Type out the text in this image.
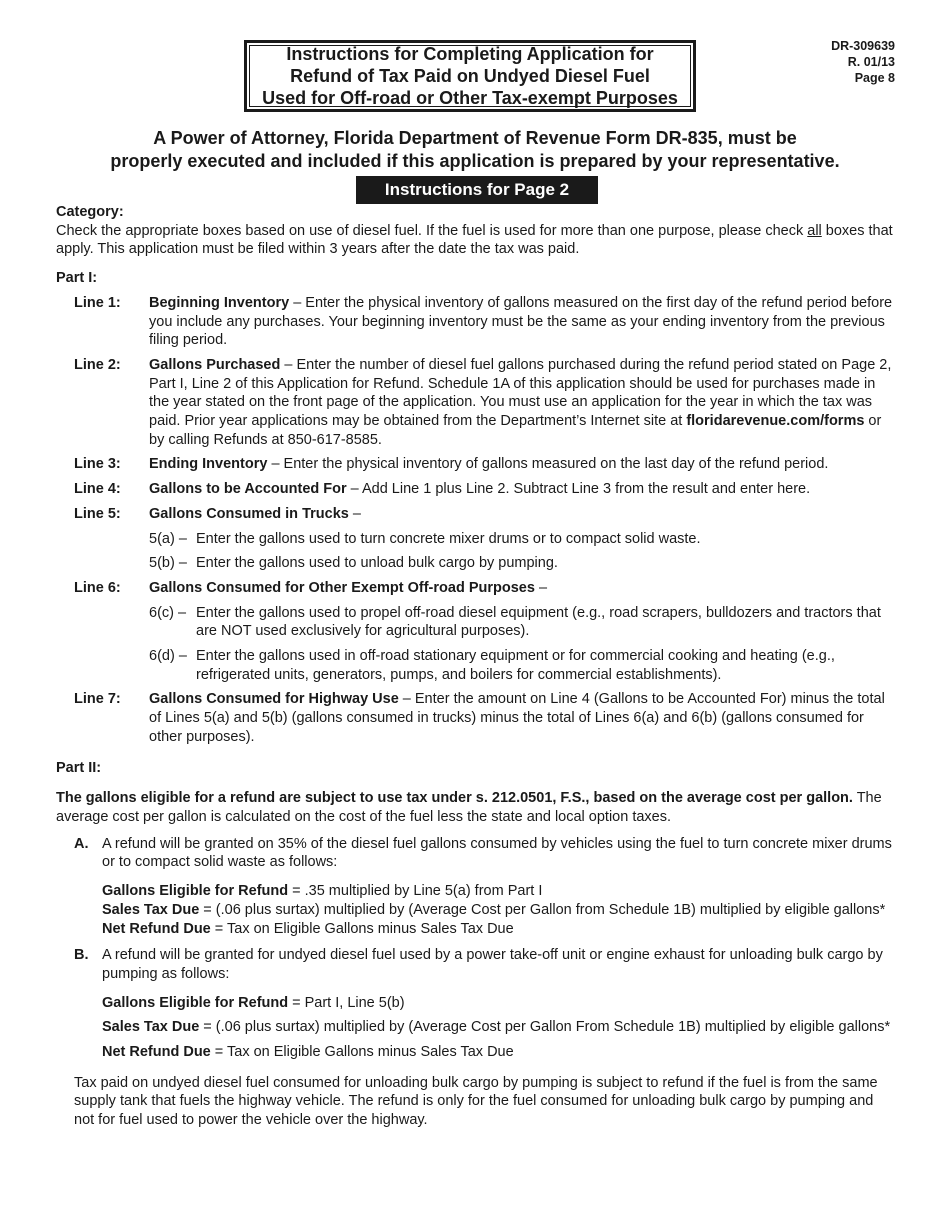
DR-309639
R. 01/13
Page 8
Instructions for Completing Application for
Refund of Tax Paid on Undyed Diesel Fuel
Used for Off-road or Other Tax-exempt Purposes
A Power of Attorney, Florida Department of Revenue Form DR-835, must be
properly executed and included if this application is prepared by your representative.
Instructions for Page 2

Category:

Check the appropriate boxes based on use of diesel fuel. If the fuel is used for more than one purpose, please check all boxes that apply. This application must be filed within 3 years after the date the tax was paid.

Part I:

Line 1:	Beginning Inventory – Enter the physical inventory of gallons measured on the first day of the refund period before you include any purchases. Your beginning inventory must be the same as your ending inventory from the previous filing period.
Line 2:	Gallons Purchased – Enter the number of diesel fuel gallons purchased during the refund period stated on Page 2, Part I, Line 2 of this Application for Refund. Schedule 1A of this application should be used for purchases made in the year stated on the front page of the application. You must use an application for the year in which the tax was paid. Prior year applications may be obtained from the Department’s Internet site at floridarevenue.com/forms or by calling Refunds at 850-617-8585.
Line 3:	Ending Inventory – Enter the physical inventory of gallons measured on the last day of the refund period.
Line 4:	Gallons to be Accounted For – Add Line 1 plus Line 2. Subtract Line 3 from the result and enter here.
Line 5:	Gallons Consumed in Trucks –
5(a) – Enter the gallons used to turn concrete mixer drums or to compact solid waste.
5(b) – Enter the gallons used to unload bulk cargo by pumping.
Line 6:	Gallons Consumed for Other Exempt Off-road Purposes –
6(c) – Enter the gallons used to propel off-road diesel equipment (e.g., road scrapers, bulldozers and tractors that are NOT used exclusively for agricultural purposes).
6(d) – Enter the gallons used in off-road stationary equipment or for commercial cooking and heating (e.g., refrigerated units, generators, pumps, and boilers for commercial establishments).
Line 7:	Gallons Consumed for Highway Use – Enter the amount on Line 4 (Gallons to be Accounted For) minus the total of Lines 5(a) and 5(b) (gallons consumed in trucks) minus the total of Lines 6(a) and 6(b) (gallons consumed for other purposes).

Part II:

The gallons eligible for a refund are subject to use tax under s. 212.0501, F.S., based on the average cost per gallon. The average cost per gallon is calculated on the cost of the fuel less the state and local option taxes.

A. A refund will be granted on 35% of the diesel fuel gallons consumed by vehicles using the fuel to turn concrete mixer drums or to compact solid waste as follows:
Gallons Eligible for Refund = .35 multiplied by Line 5(a) from Part I
Sales Tax Due = (.06 plus surtax) multiplied by (Average Cost per Gallon from Schedule 1B) multiplied by eligible gallons*
Net Refund Due = Tax on Eligible Gallons minus Sales Tax Due
B. A refund will be granted for undyed diesel fuel used by a power take-off unit or engine exhaust for unloading bulk cargo by pumping as follows:
Gallons Eligible for Refund = Part I, Line 5(b)
Sales Tax Due = (.06 plus surtax) multiplied by (Average Cost per Gallon From Schedule 1B) multiplied by eligible gallons*
Net Refund Due = Tax on Eligible Gallons minus Sales Tax Due

Tax paid on undyed diesel fuel consumed for unloading bulk cargo by pumping is subject to refund if the fuel is from the same supply tank that fuels the highway vehicle. The refund is only for the fuel consumed for unloading bulk cargo by pumping and not for fuel used to power the vehicle over the highway.
